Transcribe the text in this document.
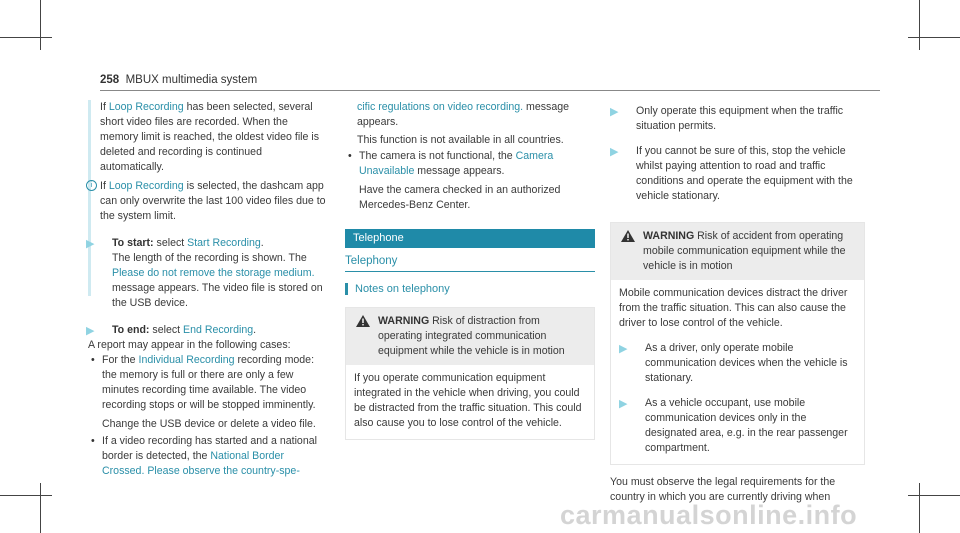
258 MBUX multimedia system

If Loop Recording has been selected, several short video files are recorded. When the memory limit is reached, the oldest video file is deleted and recording is continued automatically.

i If Loop Recording is selected, the dashcam app can only overwrite the last 100 video files due to the system limit.

▶ To start: select Start Recording.
The length of the recording is shown. The Please do not remove the storage medium. message appears. The video file is stored on the USB device.

▶ To end: select End Recording.

A report may appear in the following cases:

• For the Individual Recording recording mode: the memory is full or there are only a few minutes recording time available. The video recording stops or will be stopped imminently.

Change the USB device or delete a video file.

• If a video recording has started and a national border is detected, the National Border Crossed. Please observe the country-spe-

cific regulations on video recording. message appears.

This function is not available in all countries.

• The camera is not functional, the Camera Unavailable message appears.

Have the camera checked in an authorized Mercedes-Benz Center.

Telephone
Telephony
Notes on telephony
WARNING Risk of distraction from operating integrated communication equipment while the vehicle is in motion
If you operate communication equipment integrated in the vehicle when driving, you could be distracted from the traffic situation. This could also cause you to lose control of the vehicle.

▶ Only operate this equipment when the traffic situation permits.

▶ If you cannot be sure of this, stop the vehicle whilst paying attention to road and traffic conditions and operate the equipment with the vehicle stationary.

WARNING Risk of accident from operating mobile communication equipment while the vehicle is in motion

Mobile communication devices distract the driver from the traffic situation. This can also cause the driver to lose control of the vehicle.

▶ As a driver, only operate mobile communication devices when the vehicle is stationary.

▶ As a vehicle occupant, use mobile communication devices only in the designated area, e.g. in the rear passenger compartment.

You must observe the legal requirements for the country in which you are currently driving when

carmanualsonline.info
